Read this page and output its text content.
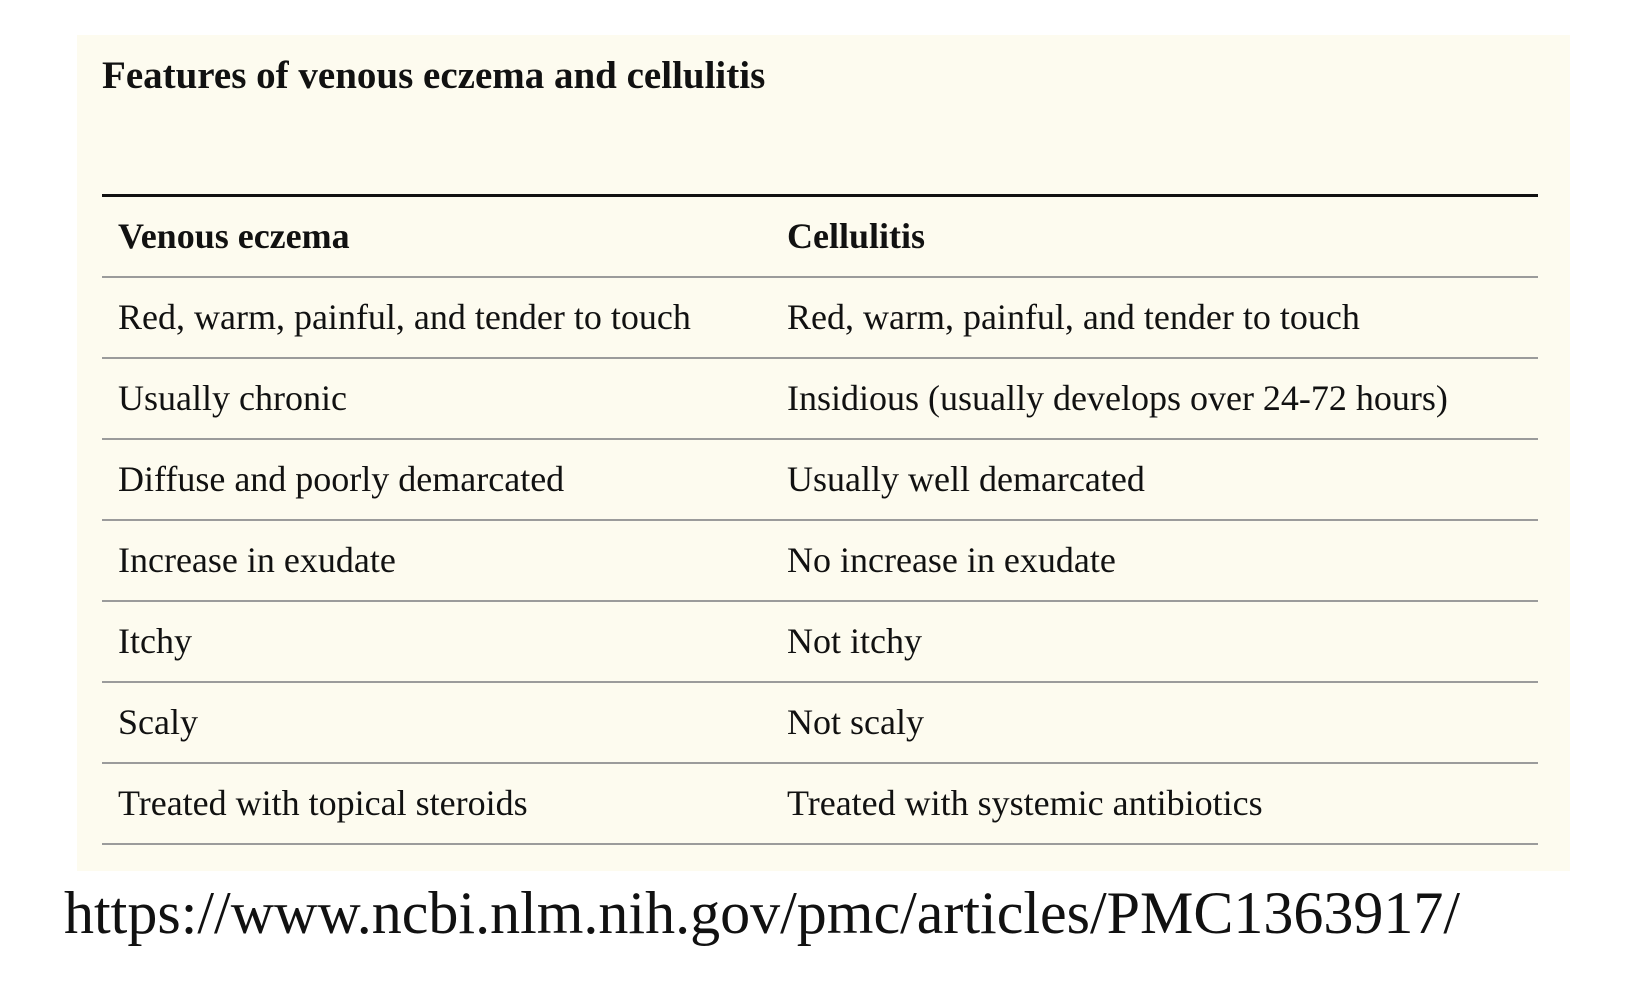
Features of venous eczema and cellulitis
Venous eczema	Cellulitis
Red, warm, painful, and tender to touch	Red, warm, painful, and tender to touch
Usually chronic	Insidious (usually develops over 24-72 hours)
Diffuse and poorly demarcated	Usually well demarcated
Increase in exudate	No increase in exudate
Itchy	Not itchy
Scaly	Not scaly
Treated with topical steroids	Treated with systemic antibiotics

https://www.ncbi.nlm.nih.gov/pmc/articles/PMC1363917/
